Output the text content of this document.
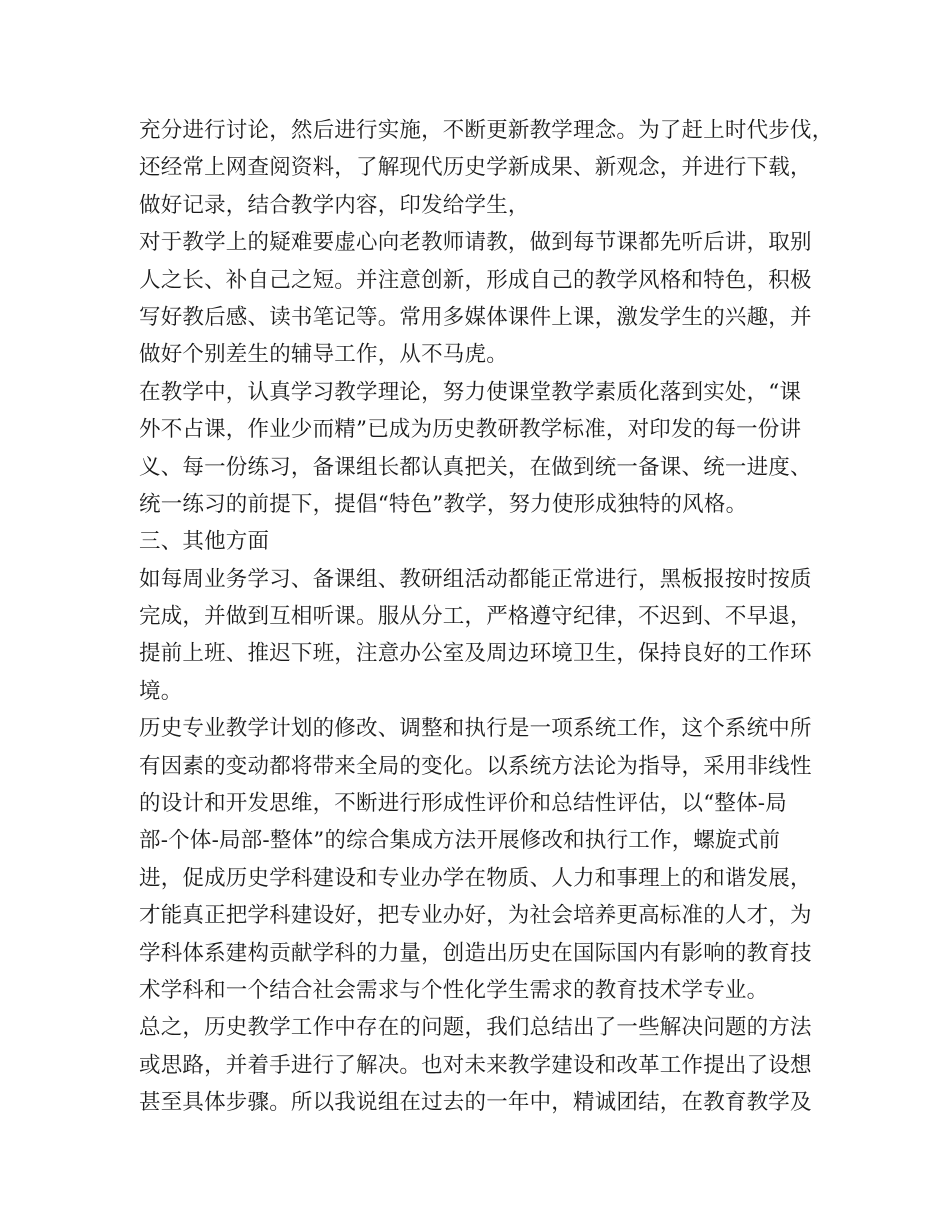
充分进行讨论，然后进行实施，不断更新教学理念。为了赶上时代步伐，
还经常上网查阅资料，了解现代历史学新成果、新观念，并进行下载，
做好记录，结合教学内容，印发给学生，
对于教学上的疑难要虚心向老教师请教，做到每节课都先听后讲，取别
人之长、补自己之短。并注意创新，形成自己的教学风格和特色，积极
写好教后感、读书笔记等。常用多媒体课件上课，激发学生的兴趣，并
做好个别差生的辅导工作，从不马虎。
在教学中，认真学习教学理论，努力使课堂教学素质化落到实处，“课
外不占课，作业少而精”已成为历史教研教学标准，对印发的每一份讲
义、每一份练习，备课组长都认真把关，在做到统一备课、统一进度、
统一练习的前提下，提倡“特色”教学，努力使形成独特的风格。
三、其他方面
如每周业务学习、备课组、教研组活动都能正常进行，黑板报按时按质
完成，并做到互相听课。服从分工，严格遵守纪律，不迟到、不早退，
提前上班、推迟下班，注意办公室及周边环境卫生，保持良好的工作环
境。
历史专业教学计划的修改、调整和执行是一项系统工作，这个系统中所
有因素的变动都将带来全局的变化。以系统方法论为指导，采用非线性
的设计和开发思维，不断进行形成性评价和总结性评估，以“整体-局
部-个体-局部-整体”的综合集成方法开展修改和执行工作，螺旋式前
进，促成历史学科建设和专业办学在物质、人力和事理上的和谐发展，
才能真正把学科建设好，把专业办好，为社会培养更高标准的人才，为
学科体系建构贡献学科的力量，创造出历史在国际国内有影响的教育技
术学科和一个结合社会需求与个性化学生需求的教育技术学专业。
总之，历史教学工作中存在的问题，我们总结出了一些解决问题的方法
或思路，并着手进行了解决。也对未来教学建设和改革工作提出了设想
甚至具体步骤。所以我说组在过去的一年中，精诚团结，在教育教学及
